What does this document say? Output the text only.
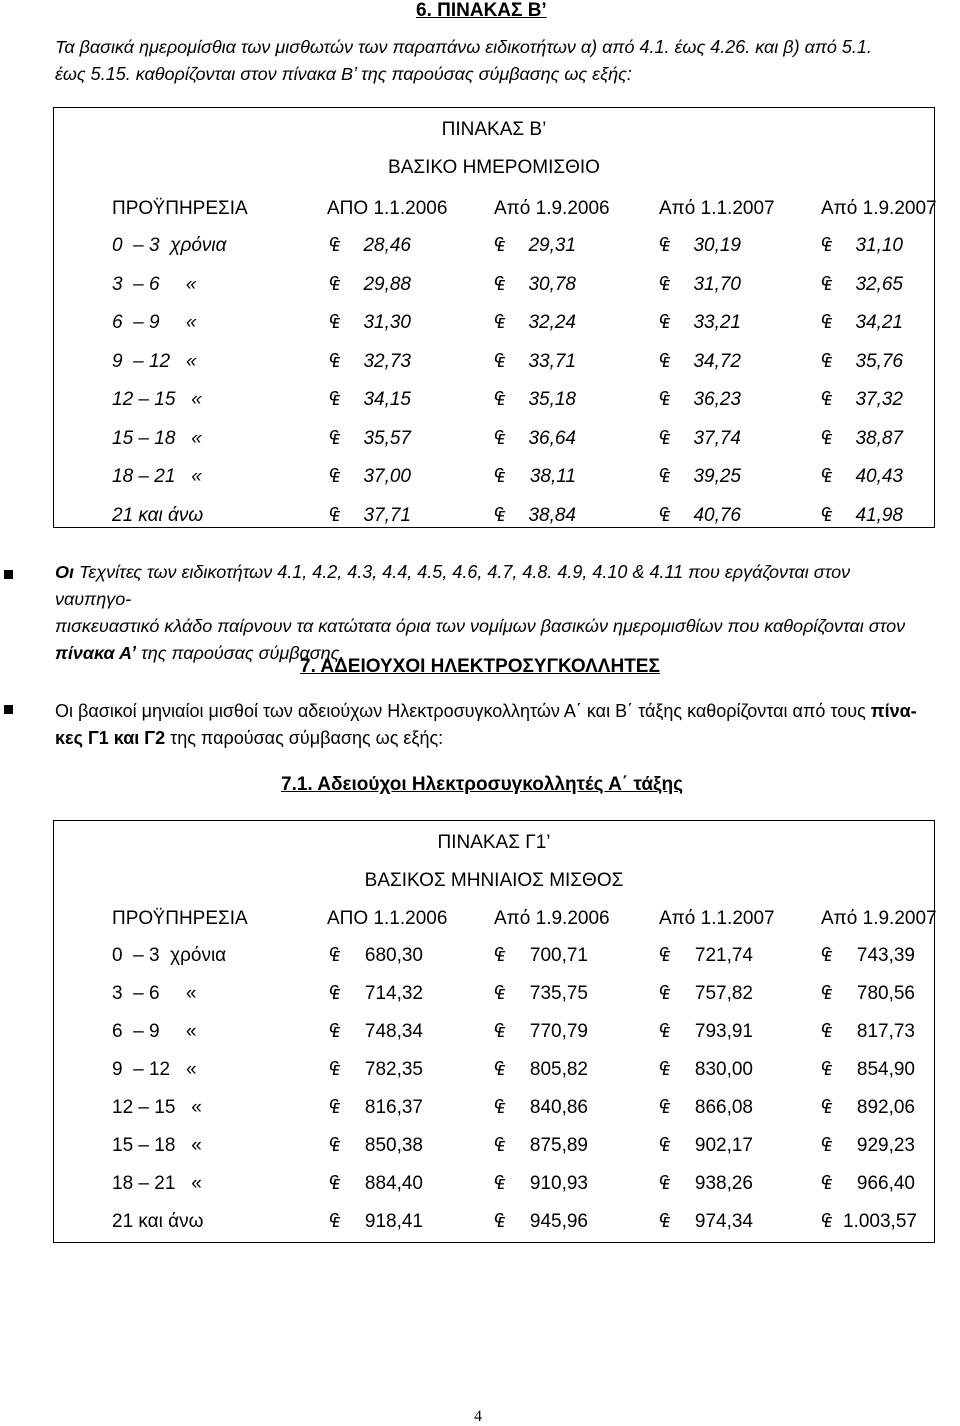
6. ΠΙΝΑΚΑΣ Β’
Τα βασικά ημερομίσθια των μισθωτών των παραπάνω ειδικοτήτων α) από 4.1. έως 4.26. και β) από 5.1.
έως 5.15. καθορίζονται στον πίνακα Β’ της παρούσας σύμβασης ως εξής:
ΠΙΝΑΚΑΣ Β’
ΒΑΣΙΚΟ ΗΜΕΡΟΜΙΣΘΙΟ
ΠΡΟΫΠΗΡΕΣΙΑ	ΑΠΟ 1.1.2006 Από 1.9.2006	Από 1.1.2007 Από 1.9.2007
0  – 3  χρόνια	₠ 28,46	₠ 29,31	₠ 30,19	₠ 31,10
3  – 6     «	₠ 29,88	₠ 30,78	₠ 31,70	₠ 32,65
6  – 9     «	₠ 31,30	₠ 32,24	₠ 33,21	₠ 34,21
9  – 12   «	₠ 32,73	₠ 33,71	₠ 34,72	₠ 35,76
12 – 15   «	₠ 34,15	₠ 35,18	₠ 36,23	₠ 37,32
15 – 18   «	₠ 35,57	₠ 36,64	₠ 37,74	₠ 38,87
18 – 21   «	₠ 37,00	₠ 38,11	₠ 39,25	₠ 40,43
21 και άνω	₠ 37,71	₠ 38,84	₠ 40,76	₠ 41,98
Οι Τεχνίτες των ειδικοτήτων 4.1, 4.2, 4.3, 4.4, 4.5, 4.6, 4.7, 4.8. 4.9, 4.10 & 4.11 που εργάζονται στον ναυπηγο-
πισκευαστικό κλάδο παίρνουν τα κατώτατα όρια των νομίμων βασικών ημερομισθίων που καθορίζονται στον
πίνακα Α’ της παρούσας σύμβασης.
7. ΑΔΕΙΟΥΧΟΙ ΗΛΕΚΤΡΟΣΥΓΚΟΛΛΗΤΕΣ
Οι βασικοί μηνιαίοι μισθοί των αδειούχων Ηλεκτροσυγκολλητών Α΄ και Β΄ τάξης καθορίζονται από τους πίνα-
κες Γ1 και Γ2 της παρούσας σύμβασης ως εξής:
7.1. Αδειούχοι Ηλεκτροσυγκολλητές Α΄ τάξης
ΠΙΝΑΚΑΣ Γ1’
ΒΑΣΙΚΟΣ ΜΗΝΙΑΙΟΣ ΜΙΣΘΟΣ
ΠΡΟΫΠΗΡΕΣΙΑ	ΑΠΟ 1.1.2006 Από 1.9.2006	Από 1.1.2007 Από 1.9.2007
0  – 3  χρόνια	₠ 680,30	₠ 700,71	₠ 721,74	₠ 743,39
3  – 6     «	₠ 714,32	₠ 735,75	₠ 757,82	₠ 780,56
6  – 9     «	₠ 748,34	₠ 770,79	₠ 793,91	₠ 817,73
9  – 12   «	₠ 782,35	₠ 805,82	₠ 830,00	₠ 854,90
12 – 15   «	₠ 816,37	₠ 840,86	₠ 866,08	₠ 892,06
15 – 18   «	₠ 850,38	₠ 875,89	₠ 902,17	₠ 929,23
18 – 21   «	₠ 884,40	₠ 910,93	₠ 938,26	₠ 966,40
21 και άνω	₠ 918,41	₠ 945,96	₠ 974,34	₠ 1.003,57
4
